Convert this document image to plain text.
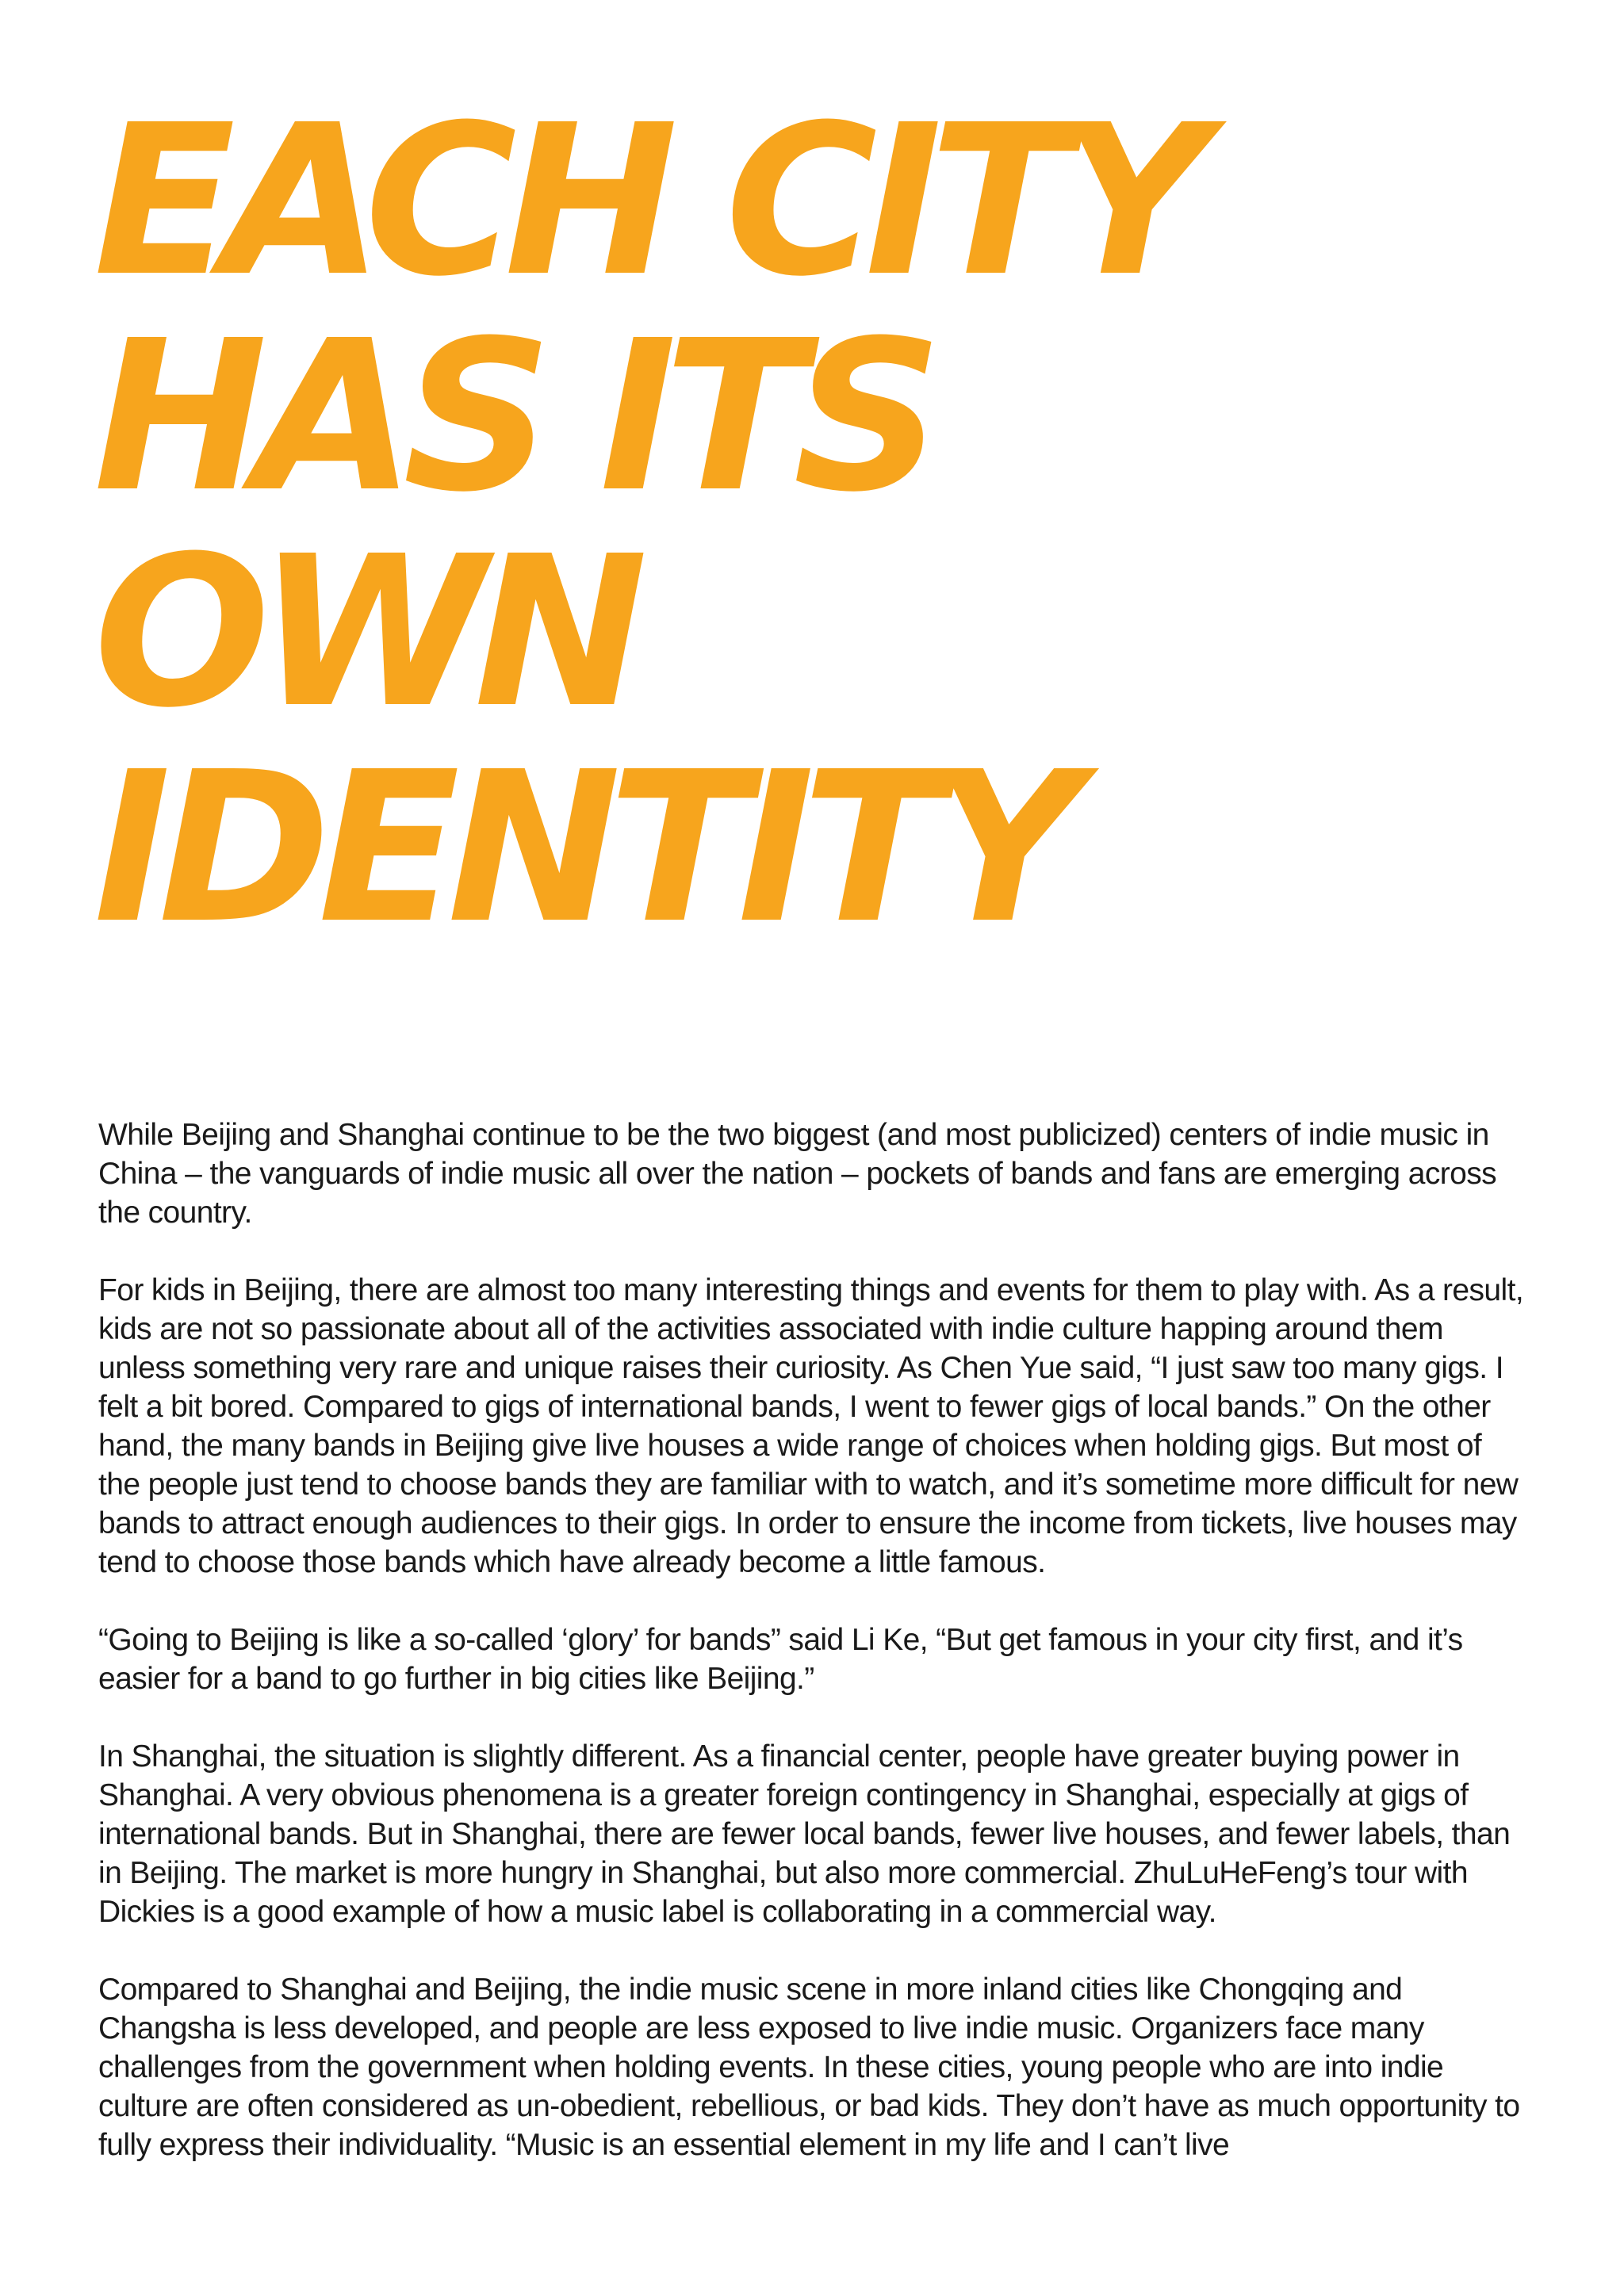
EACH CITY
HAS ITS
OWN
IDENTITY

While Beijing and Shanghai continue to be the two biggest (and most publicized) centers of indie music in China – the vanguards of indie music all over the nation – pockets of bands and fans are emerging across the country.

For kids in Beijing, there are almost too many interesting things and events for them to play with. As a result, kids are not so passionate about all of the activities associated with indie culture happing around them unless something very rare and unique raises their curiosity. As Chen Yue said, “I just saw too many gigs. I felt a bit bored. Compared to gigs of international bands, I went to fewer gigs of local bands.” On the other hand, the many bands in Beijing give live houses a wide range of choices when holding gigs. But most of the people just tend to choose bands they are familiar with to watch, and it’s sometime more difficult for new bands to attract enough audiences to their gigs. In order to ensure the income from tickets, live houses may tend to choose those bands which have already become a little famous.

“Going to Beijing is like a so-called ‘glory’ for bands” said Li Ke, “But get famous in your city first, and it’s easier for a band to go further in big cities like Beijing.”

In Shanghai, the situation is slightly different. As a financial center, people have greater buying power in Shanghai. A very obvious phenomena is a greater foreign contingency in Shanghai, especially at gigs of international bands. But in Shanghai, there are fewer local bands, fewer live houses, and fewer labels, than in Beijing. The market is more hungry in Shanghai, but also more commercial. ZhuLuHeFeng’s tour with Dickies is a good example of how a music label is collaborating in a commercial way.

Compared to Shanghai and Beijing, the indie music scene in more inland cities like Chongqing and Changsha is less developed, and people are less exposed to live indie music. Organizers face many challenges from the government when holding events. In these cities, young people who are into indie culture are often considered as un-obedient, rebellious, or bad kids. They don’t have as much opportunity to fully express their individuality. “Music is an essential element in my life and I can’t live
